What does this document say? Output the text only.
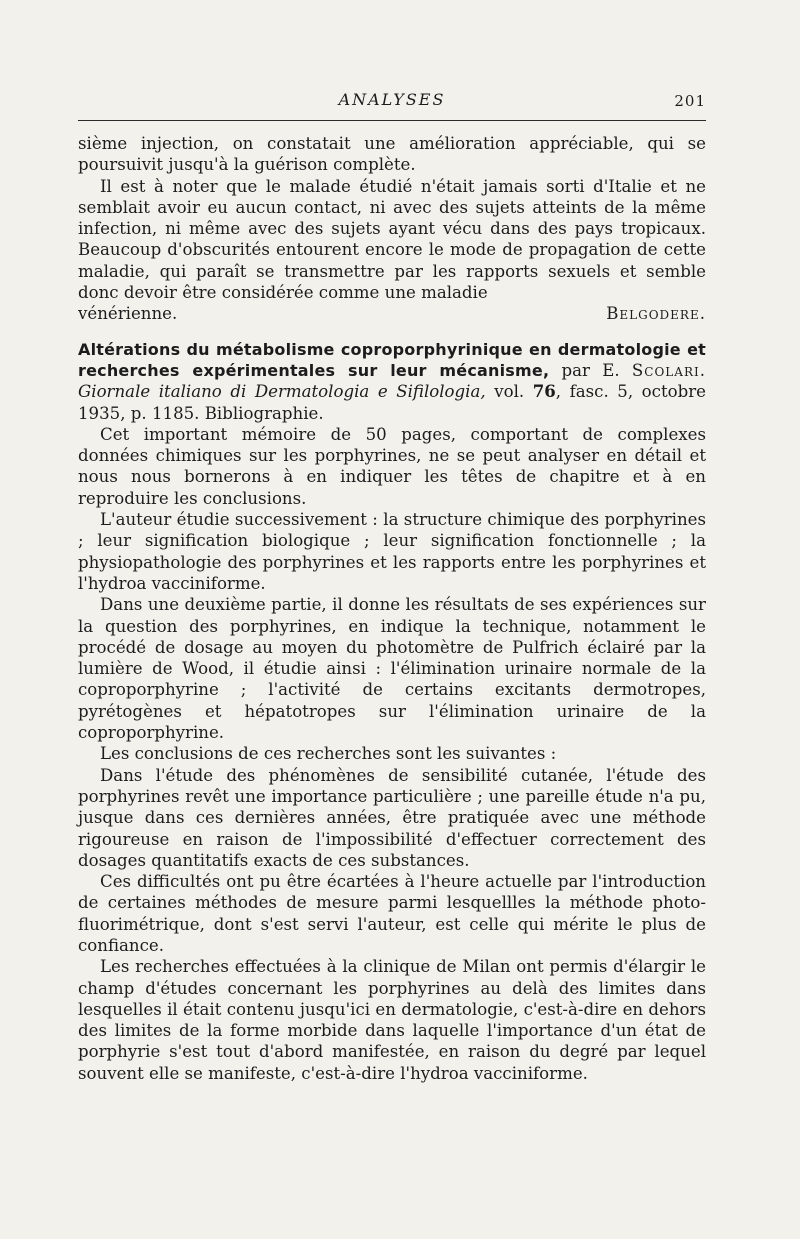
ANALYSES	201

sième injection, on constatait une amélioration appréciable, qui se poursuivit jusqu'à la guérison complète.

Il est à noter que le malade étudié n'était jamais sorti d'Italie et ne semblait avoir eu aucun contact, ni avec des sujets atteints de la même infection, ni même avec des sujets ayant vécu dans des pays tropicaux. Beaucoup d'obscurités entourent encore le mode de propagation de cette maladie, qui paraît se transmettre par les rapports sexuels et semble donc devoir être considérée comme une maladie

vénérienne.	Belgodere.

Altérations du métabolisme coproporphyrinique en dermatologie et recherches expérimentales sur leur mécanisme, par E. Scolari. Giornale italiano di Dermatologia e Sifilologia, vol. 76, fasc. 5, octobre 1935, p. 1185. Bibliographie.

Cet important mémoire de 50 pages, comportant de complexes données chimiques sur les porphyrines, ne se peut analyser en détail et nous nous bornerons à en indiquer les têtes de chapitre et à en reproduire les conclusions.

L'auteur étudie successivement : la structure chimique des porphyrines ; leur signification biologique ; leur signification fonctionnelle ; la physiopathologie des porphyrines et les rapports entre les porphyrines et l'hydroa vacciniforme.

Dans une deuxième partie, il donne les résultats de ses expériences sur la question des porphyrines, en indique la technique, notamment le procédé de dosage au moyen du photomètre de Pulfrich éclairé par la lumière de Wood, il étudie ainsi : l'élimination urinaire normale de la coproporphyrine ; l'activité de certains excitants dermotropes, pyrétogènes et hépatotropes sur l'élimination urinaire de la coproporphyrine.

Les conclusions de ces recherches sont les suivantes :

Dans l'étude des phénomènes de sensibilité cutanée, l'étude des porphyrines revêt une importance particulière ; une pareille étude n'a pu, jusque dans ces dernières années, être pratiquée avec une méthode rigoureuse en raison de l'impossibilité d'effectuer correctement des dosages quantitatifs exacts de ces substances.

Ces difficultés ont pu être écartées à l'heure actuelle par l'introduction de certaines méthodes de mesure parmi lesquellles la méthode photo-fluorimétrique, dont s'est servi l'auteur, est celle qui mérite le plus de confiance.

Les recherches effectuées à la clinique de Milan ont permis d'élargir le champ d'études concernant les porphyrines au delà des limites dans lesquelles il était contenu jusqu'ici en dermatologie, c'est-à-dire en dehors des limites de la forme morbide dans laquelle l'importance d'un état de porphyrie s'est tout d'abord manifestée, en raison du degré par lequel souvent elle se manifeste, c'est-à-dire l'hydroa vacciniforme.
